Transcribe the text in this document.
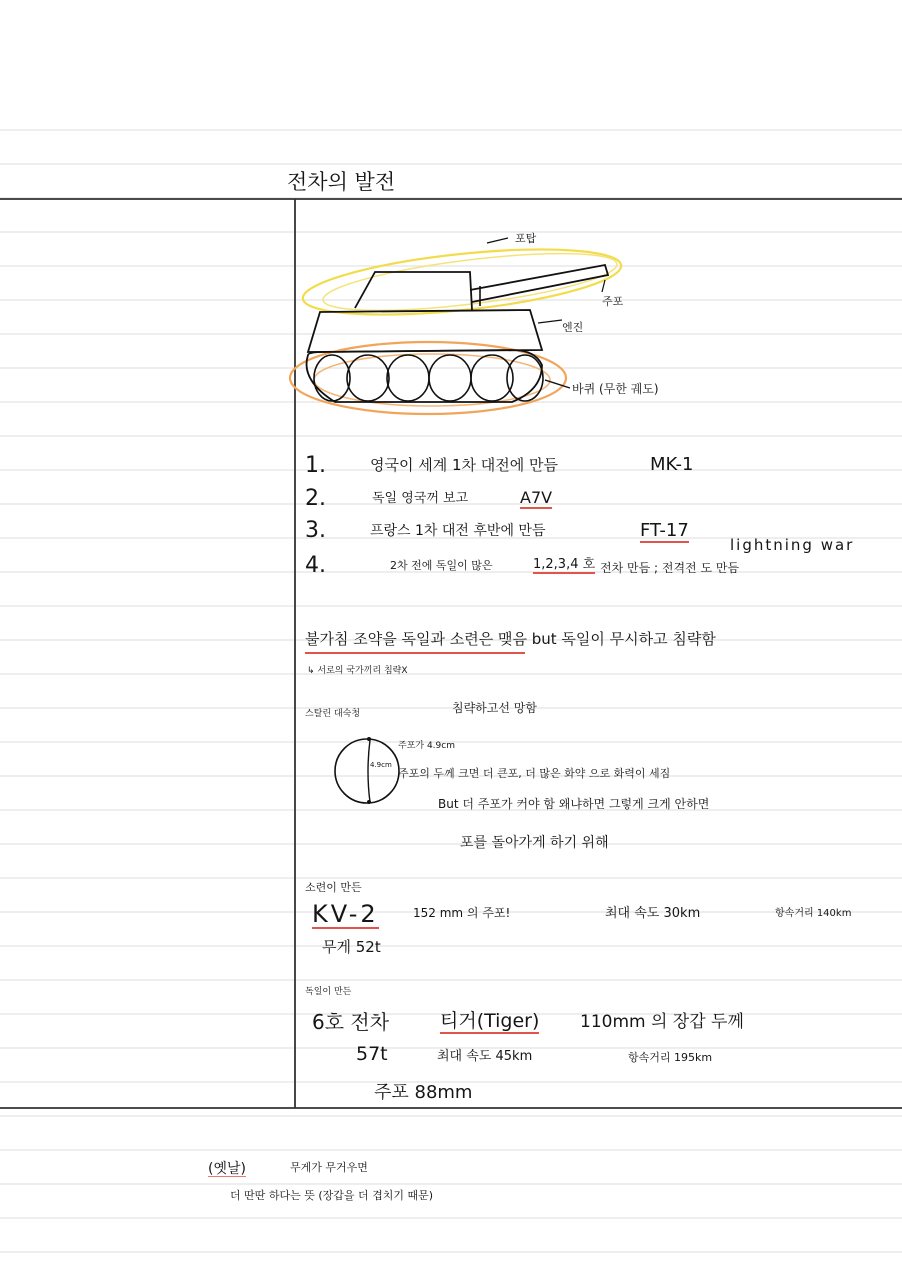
전차의 발전
포탑
주포
엔진
바퀴 (무한 궤도)
1.	영국이 세계 1차 대전에 만듬	MK-1
2.	독일 영국꺼 보고	A7V
3.	프랑스 1차 대전 후반에 만듬	FT-17
4.	2차 전에 독일이 많은	1,2,3,4 호 전차 만듬 ; 전격전 도 만듬
lightning war
불가침 조약을 독일과 소련은 맺음 but 독일이 무시하고 침략함
↳ 서로의 국가끼리 침략X
스탈린 대숙청	침략하고선 망함
4.9cm
주포가 4.9cm
주포의 두께 크면 더 큰포, 더 많은 화약 으로 화력이 세짐
But 더 주포가 커야 함 왜냐하면 그렇게 크게 안하면
포를 돌아가게 하기 위해
소련이 만든
KV-2	152 mm 의 주포!	최대 속도 30km	항속거리 140km
무게 52t
독일이 만든
6호 전차	티거(Tiger) 110mm 의 장갑 두께
57t	최대 속도 45km	항속거리 195km
주포 88mm
(옛날)	무게가 무거우면
더 딴딴 하다는 뜻 (장갑을 더 겹치기 때문)
